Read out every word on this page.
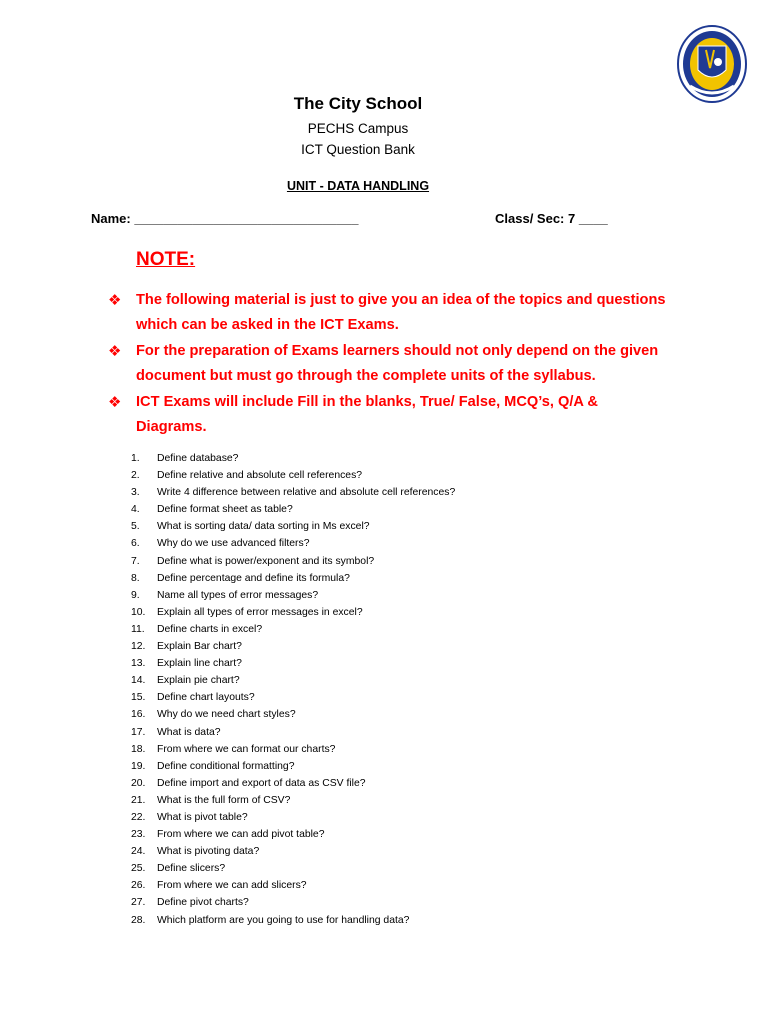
The City School
PECHS Campus
ICT Question Bank
UNIT - DATA HANDLING
Name: _______________________________	Class/ Sec: 7 ____
NOTE:
❖ The following material is just to give you an idea of the topics and questions which can be asked in the ICT Exams.
❖ For the preparation of Exams learners should not only depend on the given document but must go through the complete units of the syllabus.
❖ ICT Exams will include Fill in the blanks, True/ False, MCQ’s, Q/A & Diagrams.
1. Define database?
2. Define relative and absolute cell references?
3. Write 4 difference between relative and absolute cell references?
4. Define format sheet as table?
5. What is sorting data/ data sorting in Ms excel?
6. Why do we use advanced filters?
7. Define what is power/exponent and its symbol?
8. Define percentage and define its formula?
9. Name all types of error messages?
10. Explain all types of error messages in excel?
11. Define charts in excel?
12. Explain Bar chart?
13. Explain line chart?
14. Explain pie chart?
15. Define chart layouts?
16. Why do we need chart styles?
17. What is data?
18. From where we can format our charts?
19. Define conditional formatting?
20. Define import and export of data as CSV file?
21. What is the full form of CSV?
22. What is pivot table?
23. From where we can add pivot table?
24. What is pivoting data?
25. Define slicers?
26. From where we can add slicers?
27. Define pivot charts?
28. Which platform are you going to use for handling data?
